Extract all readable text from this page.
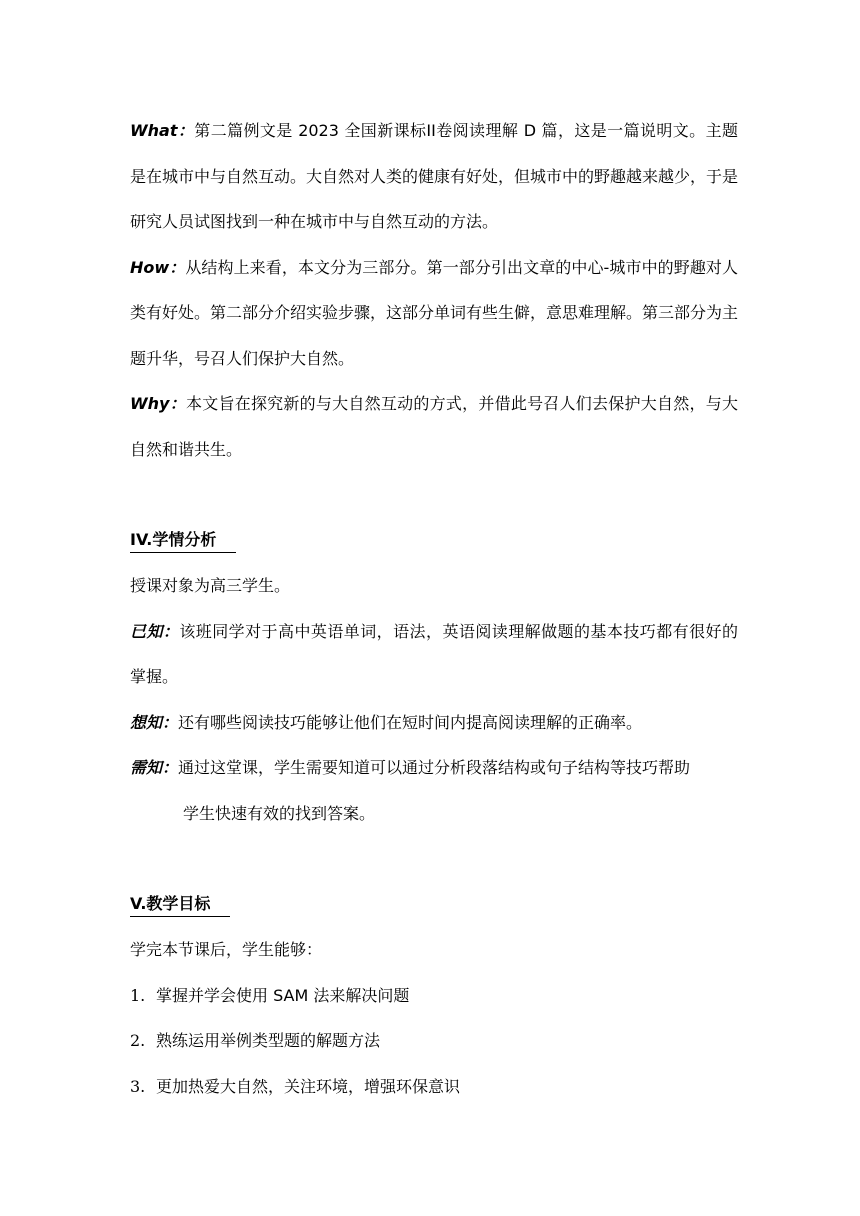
What：第二篇例文是 2023 全国新课标II卷阅读理解 D 篇，这是一篇说明文。主题是在城市中与自然互动。大自然对人类的健康有好处，但城市中的野趣越来越少，于是研究人员试图找到一种在城市中与自然互动的方法。

How：从结构上来看，本文分为三部分。第一部分引出文章的中心-城市中的野趣对人类有好处。第二部分介绍实验步骤，这部分单词有些生僻，意思难理解。第三部分为主题升华，号召人们保护大自然。

Why：本文旨在探究新的与大自然互动的方式，并借此号召人们去保护大自然，与大自然和谐共生。

IV.学情分析

授课对象为高三学生。

已知：该班同学对于高中英语单词，语法，英语阅读理解做题的基本技巧都有很好的掌握。

想知：还有哪些阅读技巧能够让他们在短时间内提高阅读理解的正确率。

需知：通过这堂课，学生需要知道可以通过分析段落结构或句子结构等技巧帮助

学生快速有效的找到答案。

V.教学目标

学完本节课后，学生能够：

1. 掌握并学会使用 SAM 法来解决问题
2. 熟练运用举例类型题的解题方法
3. 更加热爱大自然，关注环境，增强环保意识
